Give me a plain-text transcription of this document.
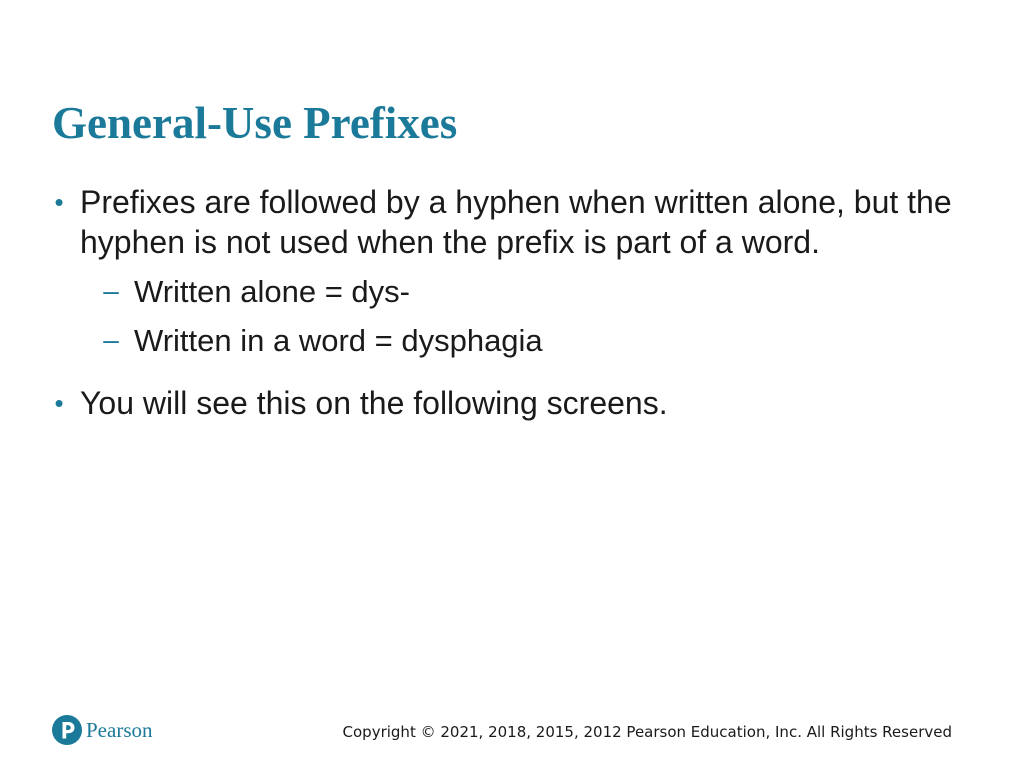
General-Use Prefixes
• Prefixes are followed by a hyphen when written alone, but the hyphen is not used when the prefix is part of a word.
– Written alone = dys-
– Written in a word = dysphagia
• You will see this on the following screens.
Pearson	Copyright © 2021, 2018, 2015, 2012 Pearson Education, Inc. All Rights Reserved
